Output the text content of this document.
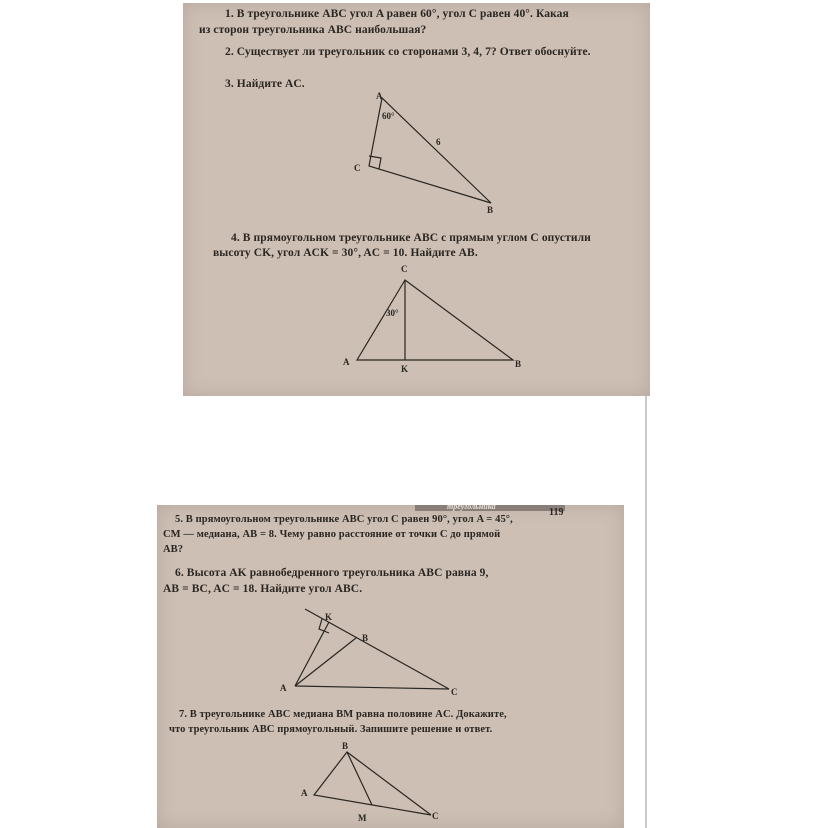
1. В треугольнике ABC угол A равен 60°, угол C равен 40°. Какая
из сторон треугольника ABC наибольшая?
2. Существует ли треугольник со сторонами 3, 4, 7? Ответ обоснуйте.
3. Найдите AC.
A
C
B
60°
6
4. В прямоугольном треугольнике ABC с прямым углом C опустили
высоту CK, угол ACK = 30°, AC = 10. Найдите AB.
C
A	B
K
30°
треугольника
119
5. В прямоугольном треугольнике ABC угол C равен 90°, угол A = 45°,
CM — медиана, AB = 8. Чему равно расстояние от точки C до прямой
AB?
6. Высота AK равнобедренного треугольника ABC равна 9,
AB = BC, AC = 18. Найдите угол ABC.
K
B
A	C
7. В треугольнике ABC медиана BM равна половине AC. Докажите,
что треугольник ABC прямоугольный. Запишите решение и ответ.
B
A
C
M
